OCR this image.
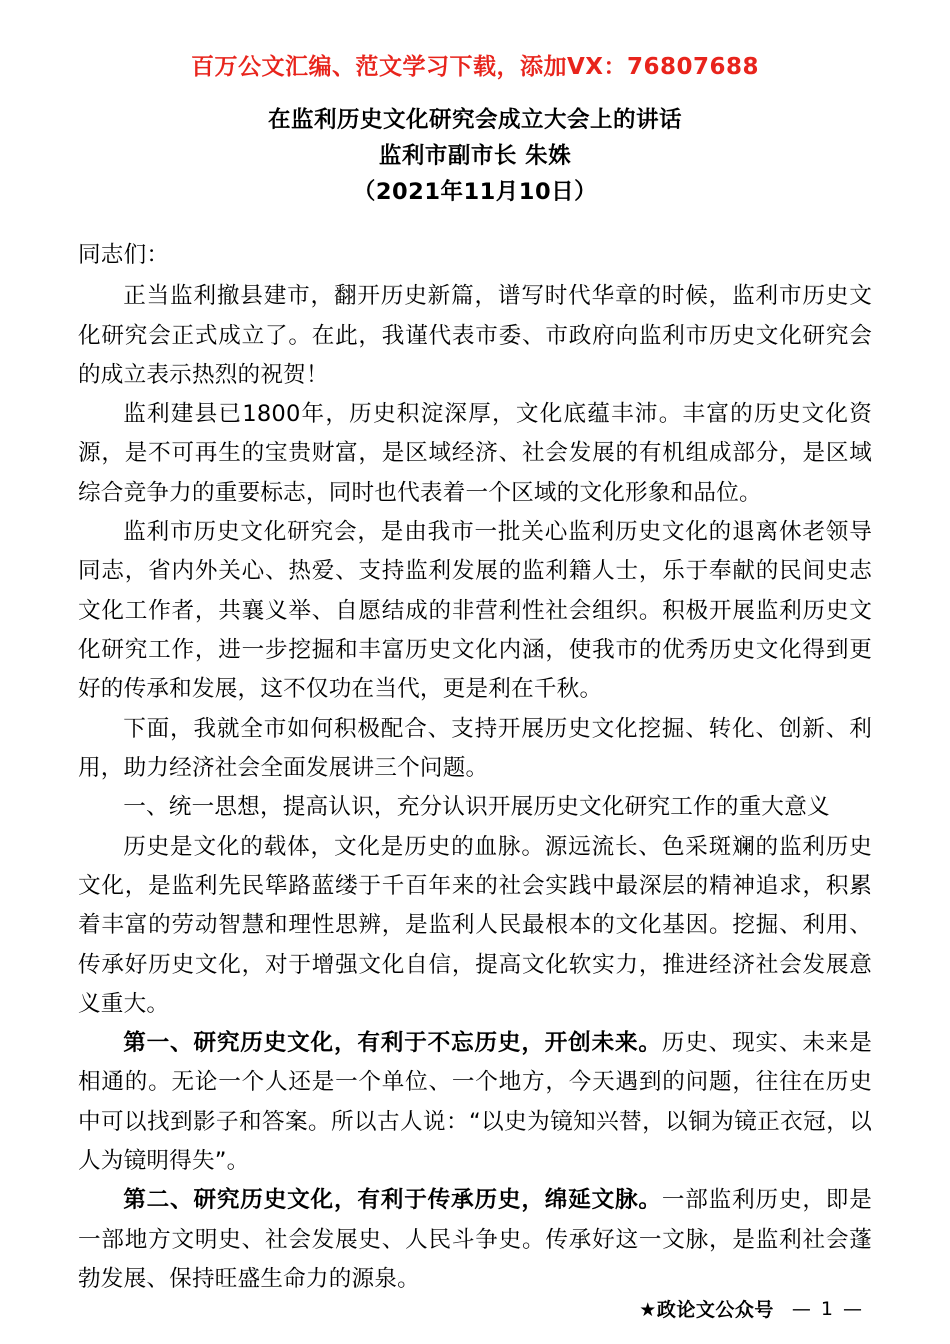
百万公文汇编、范文学习下载，添加VX：76807688
在监利历史文化研究会成立大会上的讲话
监利市副市长 朱姝
（2021年11月10日）

同志们：

正当监利撤县建市，翻开历史新篇，谱写时代华章的时候，监利市历史文化研究会正式成立了。在此，我谨代表市委、市政府向监利市历史文化研究会的成立表示热烈的祝贺！

监利建县已1800年，历史积淀深厚，文化底蕴丰沛。丰富的历史文化资源，是不可再生的宝贵财富，是区域经济、社会发展的有机组成部分，是区域综合竞争力的重要标志，同时也代表着一个区域的文化形象和品位。

监利市历史文化研究会，是由我市一批关心监利历史文化的退离休老领导同志，省内外关心、热爱、支持监利发展的监利籍人士，乐于奉献的民间史志文化工作者，共襄义举、自愿结成的非营利性社会组织。积极开展监利历史文化研究工作，进一步挖掘和丰富历史文化内涵，使我市的优秀历史文化得到更好的传承和发展，这不仅功在当代，更是利在千秋。

下面，我就全市如何积极配合、支持开展历史文化挖掘、转化、创新、利用，助力经济社会全面发展讲三个问题。

一、统一思想，提高认识，充分认识开展历史文化研究工作的重大意义

历史是文化的载体，文化是历史的血脉。源远流长、色采斑斓的监利历史文化，是监利先民筚路蓝缕于千百年来的社会实践中最深层的精神追求，积累着丰富的劳动智慧和理性思辨，是监利人民最根本的文化基因。挖掘、利用、传承好历史文化，对于增强文化自信，提高文化软实力，推进经济社会发展意义重大。

第一、研究历史文化，有利于不忘历史，开创未来。历史、现实、未来是相通的。无论一个人还是一个单位、一个地方，今天遇到的问题，往往在历史中可以找到影子和答案。所以古人说：“以史为镜知兴替，以铜为镜正衣冠，以人为镜明得失”。

第二、研究历史文化，有利于传承历史，绵延文脉。一部监利历史，即是一部地方文明史、社会发展史、人民斗争史。传承好这一文脉，是监利社会蓬勃发展、保持旺盛生命力的源泉。

★政论文公众号 — 1 —
